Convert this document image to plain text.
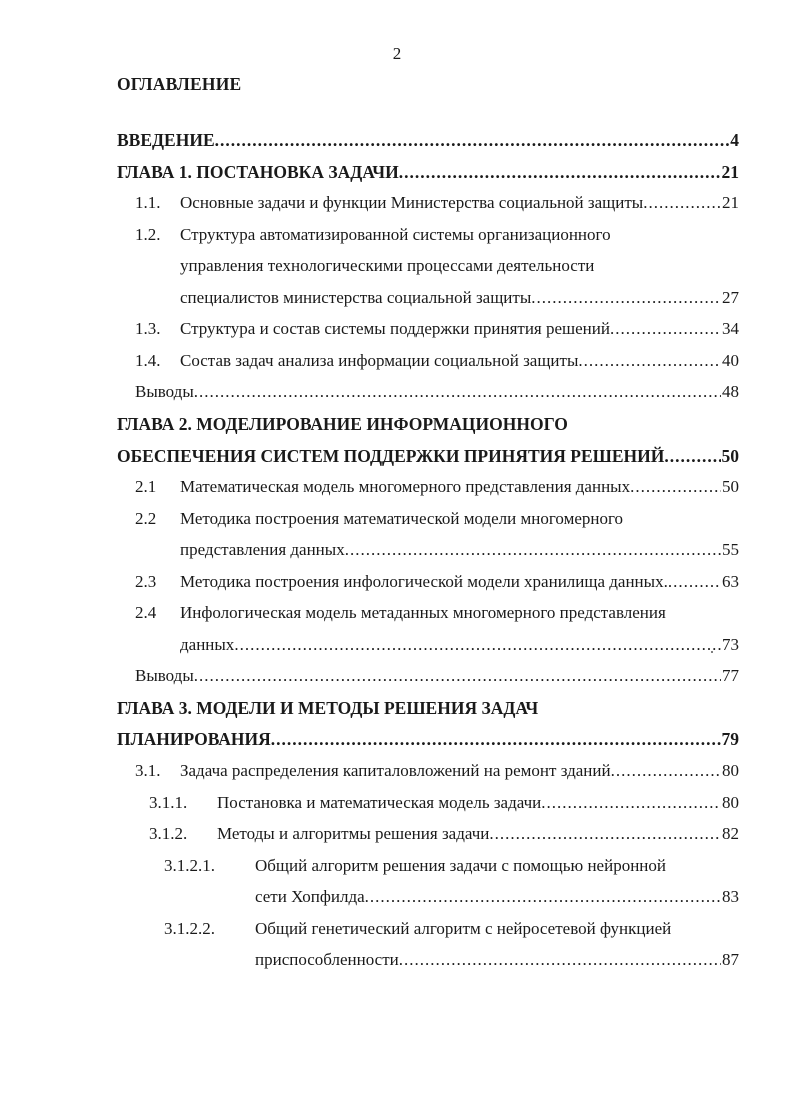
2
ОГЛАВЛЕНИЕ
ВВЕДЕНИЕ .....	4
ГЛАВА 1. ПОСТАНОВКА ЗАДАЧИ .....	21
1.1. Основные задачи и функции Министерства социальной защиты .....	21
1.2. Структура автоматизированной системы организационного
управления технологическими процессами деятельности
специалистов министерства социальной защиты .....	27
1.3. Структура и состав системы поддержки принятия решений .....	34
1.4. Состав задач анализа информации социальной защиты .....	40
Выводы .....	48
ГЛАВА 2. МОДЕЛИРОВАНИЕ ИНФОРМАЦИОННОГО
ОБЕСПЕЧЕНИЯ СИСТЕМ ПОДДЕРЖКИ ПРИНЯТИЯ РЕШЕНИЙ .....	50
2.1 Математическая модель многомерного представления данных .....	50
2.2 Методика построения математической модели многомерного
представления данных .....	55
2.3 Методика построения инфологической модели хранилища данных. .....	63
2.4 Инфологическая модель метаданных многомерного представления
данных .....	73
Выводы .....	77
ГЛАВА 3. МОДЕЛИ И МЕТОДЫ РЕШЕНИЯ ЗАДАЧ
ПЛАНИРОВАНИЯ .....	79
3.1. Задача распределения капиталовложений на ремонт зданий .....	80
3.1.1. Постановка и математическая модель задачи .....	80
3.1.2. Методы и алгоритмы решения задачи .....	82
3.1.2.1. Общий алгоритм решения задачи с помощью нейронной
сети Хопфилда .....	83
3.1.2.2. Общий генетический алгоритм с нейросетевой функцией
приспособленности .....	87
